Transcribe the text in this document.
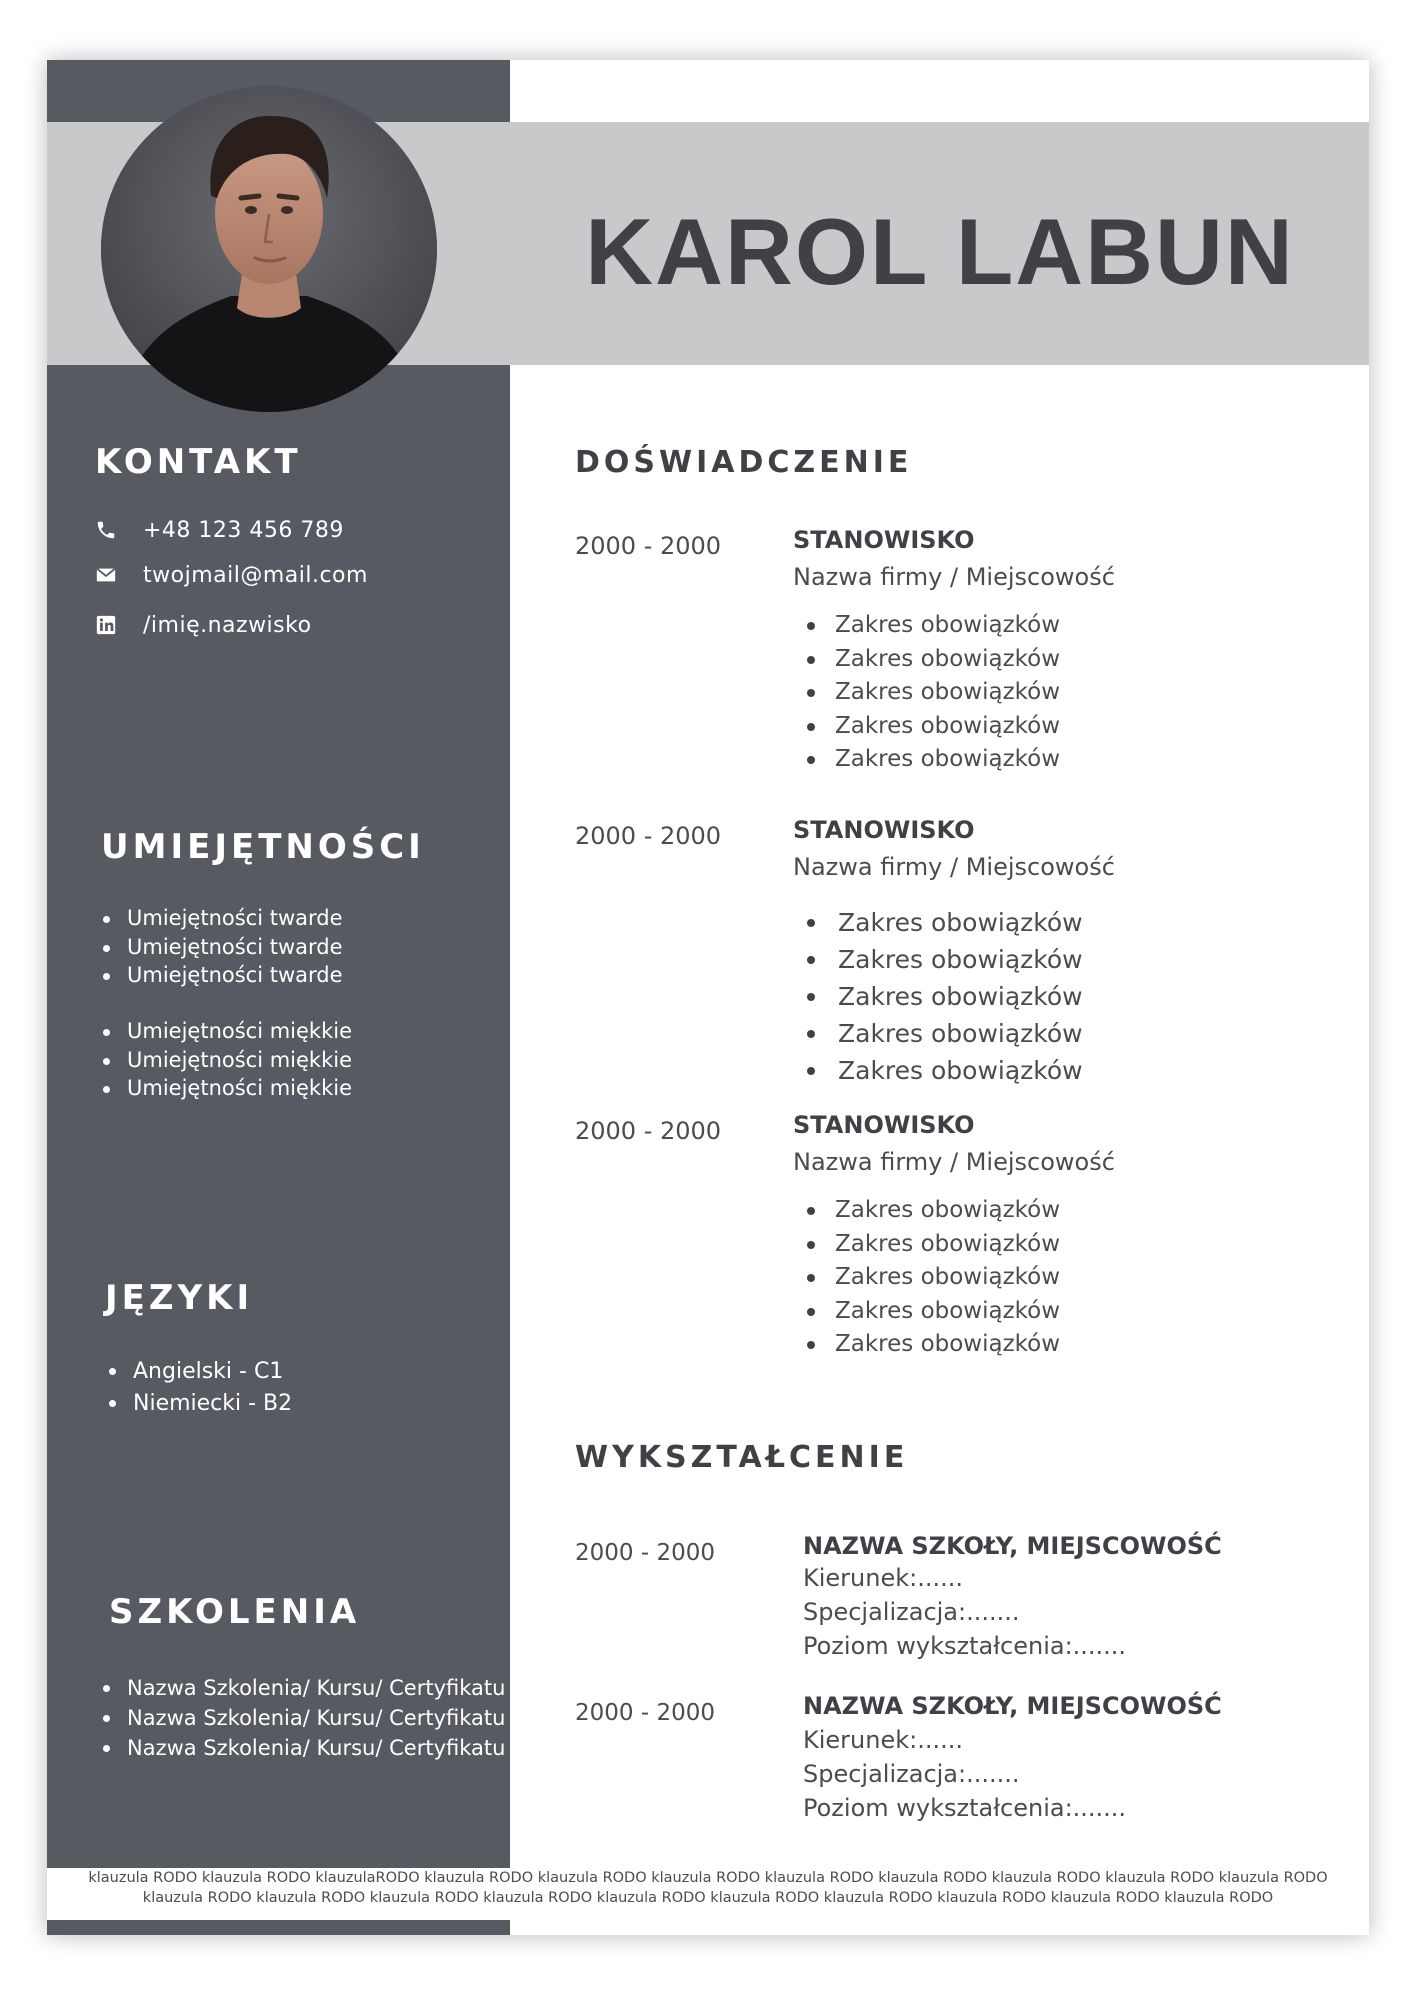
KAROL LABUN
KONTAKT
+48 123 456 789
twojmail@mail.com
/imię.nazwisko
UMIEJĘTNOŚCI
Umiejętności twarde
Umiejętności twarde
Umiejętności twarde
Umiejętności miękkie
Umiejętności miękkie
Umiejętności miękkie
JĘZYKI
Angielski - C1
Niemiecki - B2
SZKOLENIA
Nazwa Szkolenia/ Kursu/ Certyfikatu
Nazwa Szkolenia/ Kursu/ Certyfikatu
Nazwa Szkolenia/ Kursu/ Certyfikatu
DOŚWIADCZENIE
2000 - 2000	STANOWISKO
Nazwa firmy / Miejscowość
Zakres obowiązków
Zakres obowiązków
Zakres obowiązków
Zakres obowiązków
Zakres obowiązków
2000 - 2000	STANOWISKO
Nazwa firmy / Miejscowość
Zakres obowiązków
Zakres obowiązków
Zakres obowiązków
Zakres obowiązków
Zakres obowiązków
2000 - 2000	STANOWISKO
Nazwa firmy / Miejscowość
Zakres obowiązków
Zakres obowiązków
Zakres obowiązków
Zakres obowiązków
Zakres obowiązków
WYKSZTAŁCENIE
2000 - 2000	NAZWA SZKOŁY, MIEJSCOWOŚĆ
Kierunek:......
Specjalizacja:.......
Poziom wykształcenia:.......
2000 - 2000	NAZWA SZKOŁY, MIEJSCOWOŚĆ
Kierunek:......
Specjalizacja:.......
Poziom wykształcenia:.......
klauzula RODO klauzula RODO klauzulaRODO klauzula RODO klauzula RODO klauzula RODO klauzula RODO klauzula RODO klauzula RODO klauzula RODO klauzula RODO
klauzula RODO klauzula RODO klauzula RODO klauzula RODO klauzula RODO klauzula RODO klauzula RODO klauzula RODO klauzula RODO klauzula RODO
